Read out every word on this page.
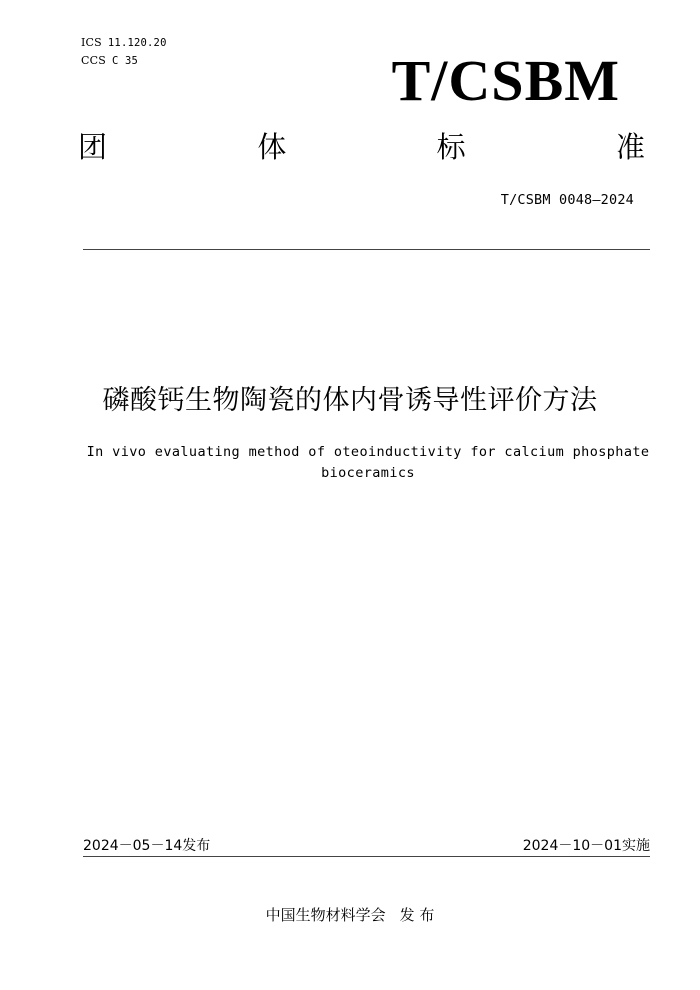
ICS 11.120.20
CCS C 35	T/CSBM
团	体	标	准
T/CSBM 0048—2024
磷酸钙生物陶瓷的体内骨诱导性评价方法
In vivo evaluating method of oteoinductivity for calcium phosphate
bioceramics
2024－05－14发布	2024－10－01实施
中国生物材料学会 发 布
